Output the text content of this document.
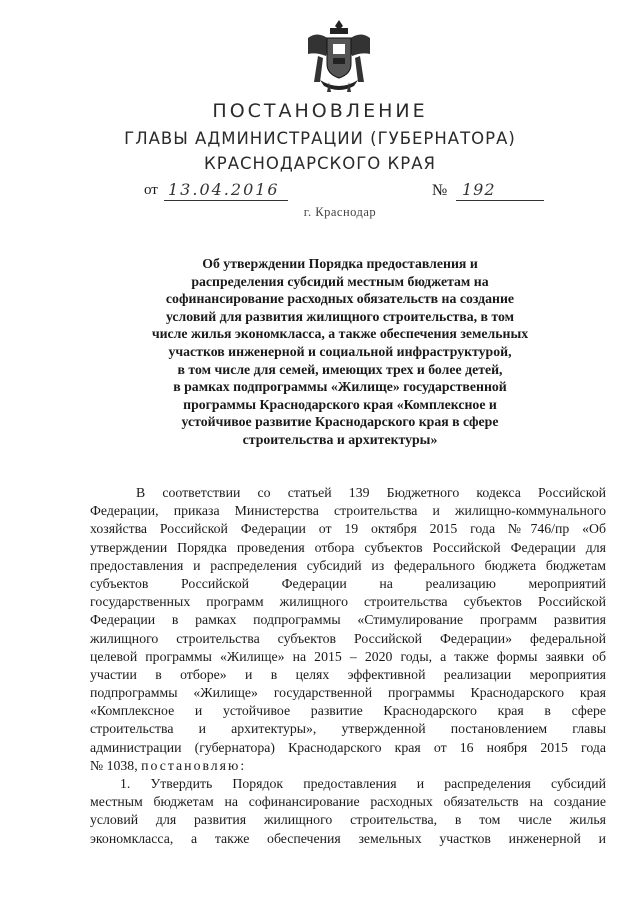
ПОСТАНОВЛЕНИЕ
ГЛАВЫ АДМИНИСТРАЦИИ (ГУБЕРНАТОРА)
КРАСНОДАРСКОГО КРАЯ
от 13.04.2016	№ 192
г. Краснодар
Об утверждении Порядка предоставления и
распределения субсидий местным бюджетам на
софинансирование расходных обязательств на создание
условий для развития жилищного строительства, в том
числе жилья экономкласса, а также обеспечения земельных
участков инженерной и социальной инфраструктурой,
в том числе для семей, имеющих трех и более детей,
в рамках подпрограммы «Жилище» государственной
программы Краснодарского края «Комплексное и
устойчивое развитие Краснодарского края в сфере
строительства и архитектуры»
В соответствии со статьей 139 Бюджетного кодекса Российской
Федерации, приказа Министерства строительства и жилищно-коммунального
хозяйства Российской Федерации от 19 октября 2015 года №746/пр «Об
утверждении Порядка проведения отбора субъектов Российской Федерации для
предоставления и распределения субсидий из федерального бюджета бюджетам
субъектов Российской Федерации на реализацию мероприятий
государственных программ жилищного строительства субъектов Российской
Федерации в рамках подпрограммы «Стимулирование программ развития
жилищного строительства субъектов Российской Федерации» федеральной
целевой программы «Жилище» на 2015 – 2020 годы, а также формы заявки об
участии в отборе» и в целях эффективной реализации мероприятия
подпрограммы «Жилище» государственной программы Краснодарского края
«Комплексное и устойчивое развитие Краснодарского края в сфере
строительства и архитектуры», утвержденной постановлением главы
администрации (губернатора) Краснодарского края от 16 ноября 2015 года
№ 1038, постановляю:
1. Утвердить Порядок предоставления и распределения субсидий
местным бюджетам на софинансирование расходных обязательств на создание
условий для развития жилищного строительства, в том числе жилья
экономкласса, а также обеспечения земельных участков инженерной и
